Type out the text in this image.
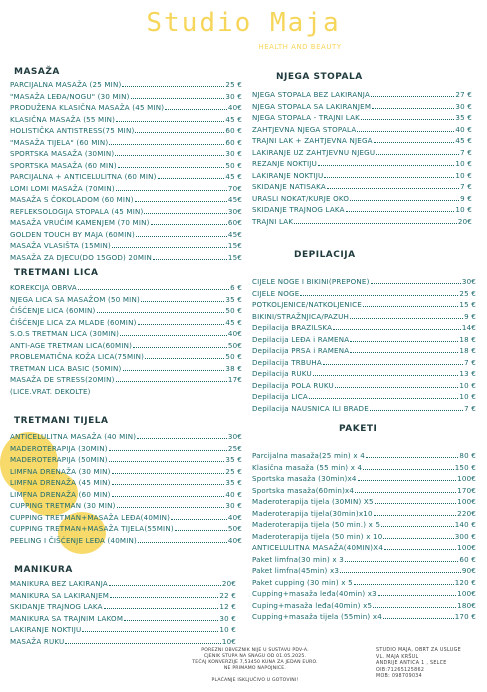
Studio Maja
HEALTH AND BEAUTY
MASAŽA
PARCIJALNA MASAŽA (25 MIN)	25 €
"MASAŽA LEĐA/NOGU" (30 MIN)	30 €
PRODUŽENA KLASIČNA MASAŽA (45 MIN)	40€
KLASIČNA MASAŽA (55 MIN)	45 €
HOLISTIČKA ANTISTRESS(75 MIN)	60 €
"MASAŽA TIJELA" (60 MIN)	60 €
SPORTSKA MASAŽA (30MIN)	30 €
SPORTSKA MASAŽA (60 MIN)	50 €
PARCIJALNA + ANTICELULITNA (60 MIN)	45 €
LOMI LOMI MASAŽA (70MIN)	70€
MASAŽA S ČOKOLADOM (60 MIN)	45€
REFLEKSOLOGIJA STOPALA (45 MIN)	30€
MASAŽA VRUĆIM KAMENJEM (70 MIN)	60€
GOLDEN TOUCH BY MAJA (60MIN)	45€
MASAŽA VLASIŠTA (15MIN)	15€
MASAŽA ZA DJECU(DO 15GOD) 20MIN	15€
TRETMANI LICA
KOREKCIJA OBRVA	6 €
NJEGA LICA SA MASAŽOM (50 MIN)	35 €
ČIŠĆENJE LICA (60MIN)	50 €
ČIŠĆENJE LICA ZA MLADE (60MIN)	45 €
S.O.S TRETMAN LICA (30MIN)	40€
ANTI-AGE TRETMAN LICA(60MIN)	50€
PROBLEMATIČNA KOŽA LICA(75MIN)	50 €
TRETMAN LICA BASIC (50MIN)	38 €
MASAŽA DE STRESS(20MIN)	17€
(LICE.VRAT. DEKOLTE)
TRETMANI TIJELA
ANTICELULITNA MASAŽA (40 MIN)	30€
MADEROTERAPIJA (30MIN)	25€
MADEROTERAPIJA (50MIN)	35 €
LIMFNA DRENAŽA (30 MIN)	25 €
LIMFNA DRENAŽA (45 MIN)	35 €
LIMFNA DRENAŽA (60 MIN)	40 €
CUPPING TRETMAN (30 MIN)	30 €
CUPPING TRETMAN+MASAŽA LEĐA(40MIN)	40€
CUPPING TRETMAN+MASAŽA TIJELA(55MIN)	50€
PEELING I ČIŠĆENJE LEĐA (40MIN)	40€
MANIKURA
MANIKURA BEZ LAKIRANJA	20€
MANIKURA SA LAKIRANJEM	22 €
SKIDANJE TRAJNOG LAKA	12 €
MANIKURA SA TRAJNIM LAKOM	30 €
LAKIRANJE NOKTIJU	10 €
MASAŽA RUKU	10€
NJEGA STOPALA
NJEGA STOPALA BEZ LAKIRANJA	27 €
NJEGA STOPALA SA LAKIRANJEM	30 €
NJEGA STOPALA - TRAJNI LAK	35 €
ZAHTJEVNA NJEGA STOPALA	40 €
TRAJNI LAK + ZAHTJEVNA NJEGA	45 €
LAKIRANJE UZ ZAHTJEVNU NJEGU	7 €
REZANJE NOKTIJU	10 €
LAKIRANJE NOKTIJU	10 €
SKIDANJE NATISAKA	7 €
URASLI NOKAT/KURJE OKO	9 €
SKIDANJE TRAJNOG LAKA	10 €
TRAJNI LAK	20€
DEPILACIJA
CIJELE NOGE I BIKINI(PREPONE)	30€
CIJELE NOGE	25 €
POTKOLJENICE/NATKOLJENICE	15 €
BIKINI/STRAŽNJICA/PAZUH	9 €
Depilacija BRAZILSKA	14€
Depilacija LEĐA i RAMENA	18 €
Depilacija PRSA i RAMENA	18 €
Depilacija TRBUHA	7 €
Depilacija RUKU	13 €
Depilacija POLA RUKU	10 €
Depilacija LICA	10 €
Depilacija NAUSNICA ILI BRADE	7 €
PAKETI
Parcijalna masaža(25 min) x 4	80 €
Klasična masaža (55 min) x 4	150 €
Sportska masaža (30min)x4	100€
Sportska masaža(60min)x4	170€
Maderoterapija tijela (30MIN) X5	100€
Maderoterapija tijela(30min)x10	220€
Maderoterapija tijela (50 min.) x 5	140 €
Maderoterapija tijela (50 min) x 10	300 €
ANTICELULITNA MASAŽA(40MIN)X4	100€
Paket limfna(30 min) x 3	60 €
Paket limfna(45min) x3	90€
Paket cupping (30 min) x 5	120 €
Cupping+masaža leđa(40min) x3	100€
Cuping+masaža leđa(40min) x5	180€
Cupping+masaža tijela (55min) x4	170 €
POREZNI OBVEZNIK NIJE U SUSTAVU PDV-A.
CJENIK STUPA NA SNAGU OD 01.05.2025.
TEČAJ KONVERZIJE 7,53450 KUNA ZA JEDAN EURO.
NE PRIMAMO NAPOJNICE.
PLAĆANJE ISKLJUČIVO U GOTOVINI!
STUDIO MAJA, OBRT ZA USLUGE
VL. MAJA KRŠUL
ANDRIJE ANTICA 1 , SELCE
OIB:71265125862
MOB: 098709034
